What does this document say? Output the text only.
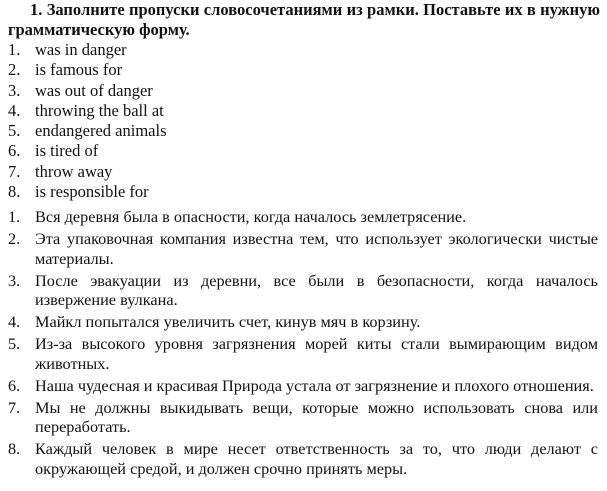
1. Заполните пропуски словосочетаниями из рамки. Поставьте их в нужную грамматическую форму.
1. was in danger
2. is famous for
3. was out of danger
4. throwing the ball at
5. endangered animals
6. is tired of
7. throw away
8. is responsible for
1. Вся деревня была в опасности, когда началось землетрясение.
2. Эта упаковочная компания известна тем, что использует экологически чистые материалы.
3. После эвакуации из деревни, все были в безопасности, когда началось извержение вулкана.
4. Майкл попытался увеличить счет, кинув мяч в корзину.
5. Из-за высокого уровня загрязнения морей киты стали вымирающим видом животных.
6. Наша чудесная и красивая Природа устала от загрязнение и плохого отношения.
7. Мы не должны выкидывать вещи, которые можно использовать снова или переработать.
8. Каждый человек в мире несет ответственность за то, что люди делают с окружающей средой, и должен срочно принять меры.
